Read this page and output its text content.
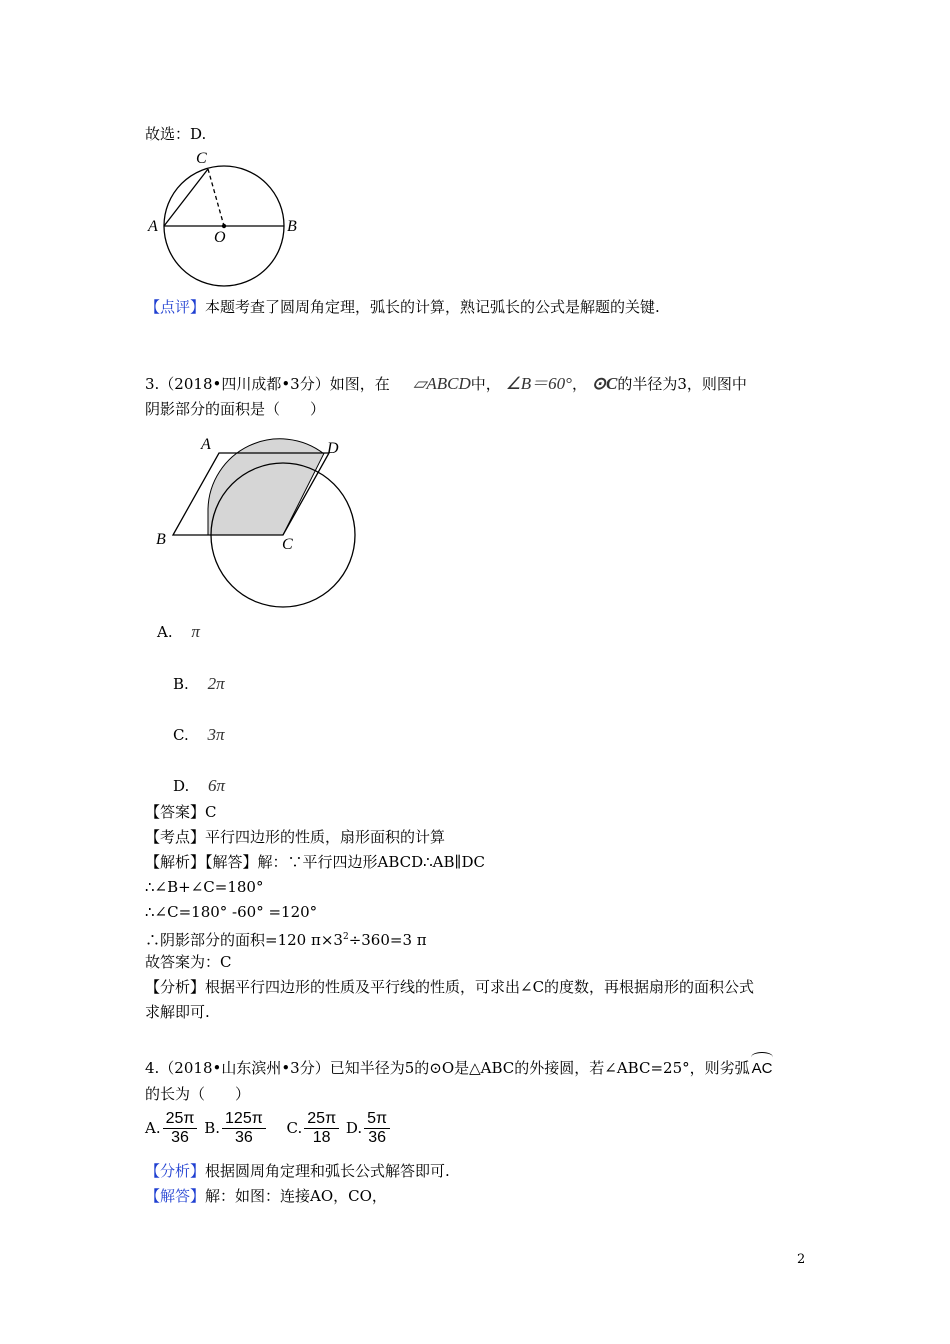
故选：D.
C
A
O
B
【点评】本题考查了圆周角定理，弧长的计算，熟记弧长的公式是解题的关键.
3.（2018•四川成都•3分）如图，在 ▱ABCD中， ∠B＝60°， ⊙C的半径为3，则图中
阴影部分的面积是（　　）
A	D
B	C
A. π
B. 2π
C. 3π
D. 6π
【答案】C
【考点】平行四边形的性质，扇形面积的计算
【解析】【解答】解：∵平行四边形ABCD∴AB∥DC
∴∠B+∠C=180°
∴∠C=180° -60° =120°
∴阴影部分的面积=120 $\pi\times 3^2\div 360=3$ π
故答案为：C
【分析】根据平行四边形的性质及平行线的性质，可求出∠C的度数，再根据扇形的面积公式
求解即可.
4.（2018•山东滨州•3分）已知半径为5的⊙O是△ABC的外接圆，若∠ABC=25°，则劣弧 AC
的长为（　　）
A. $\frac{25\pi}{36} B$. $\frac{125\pi}{36} C$. $\frac{25\pi}{18} D$. $\frac{5\pi}{36}$
【分析】根据圆周角定理和弧长公式解答即可.
【解答】解：如图：连接AO，CO，
2
